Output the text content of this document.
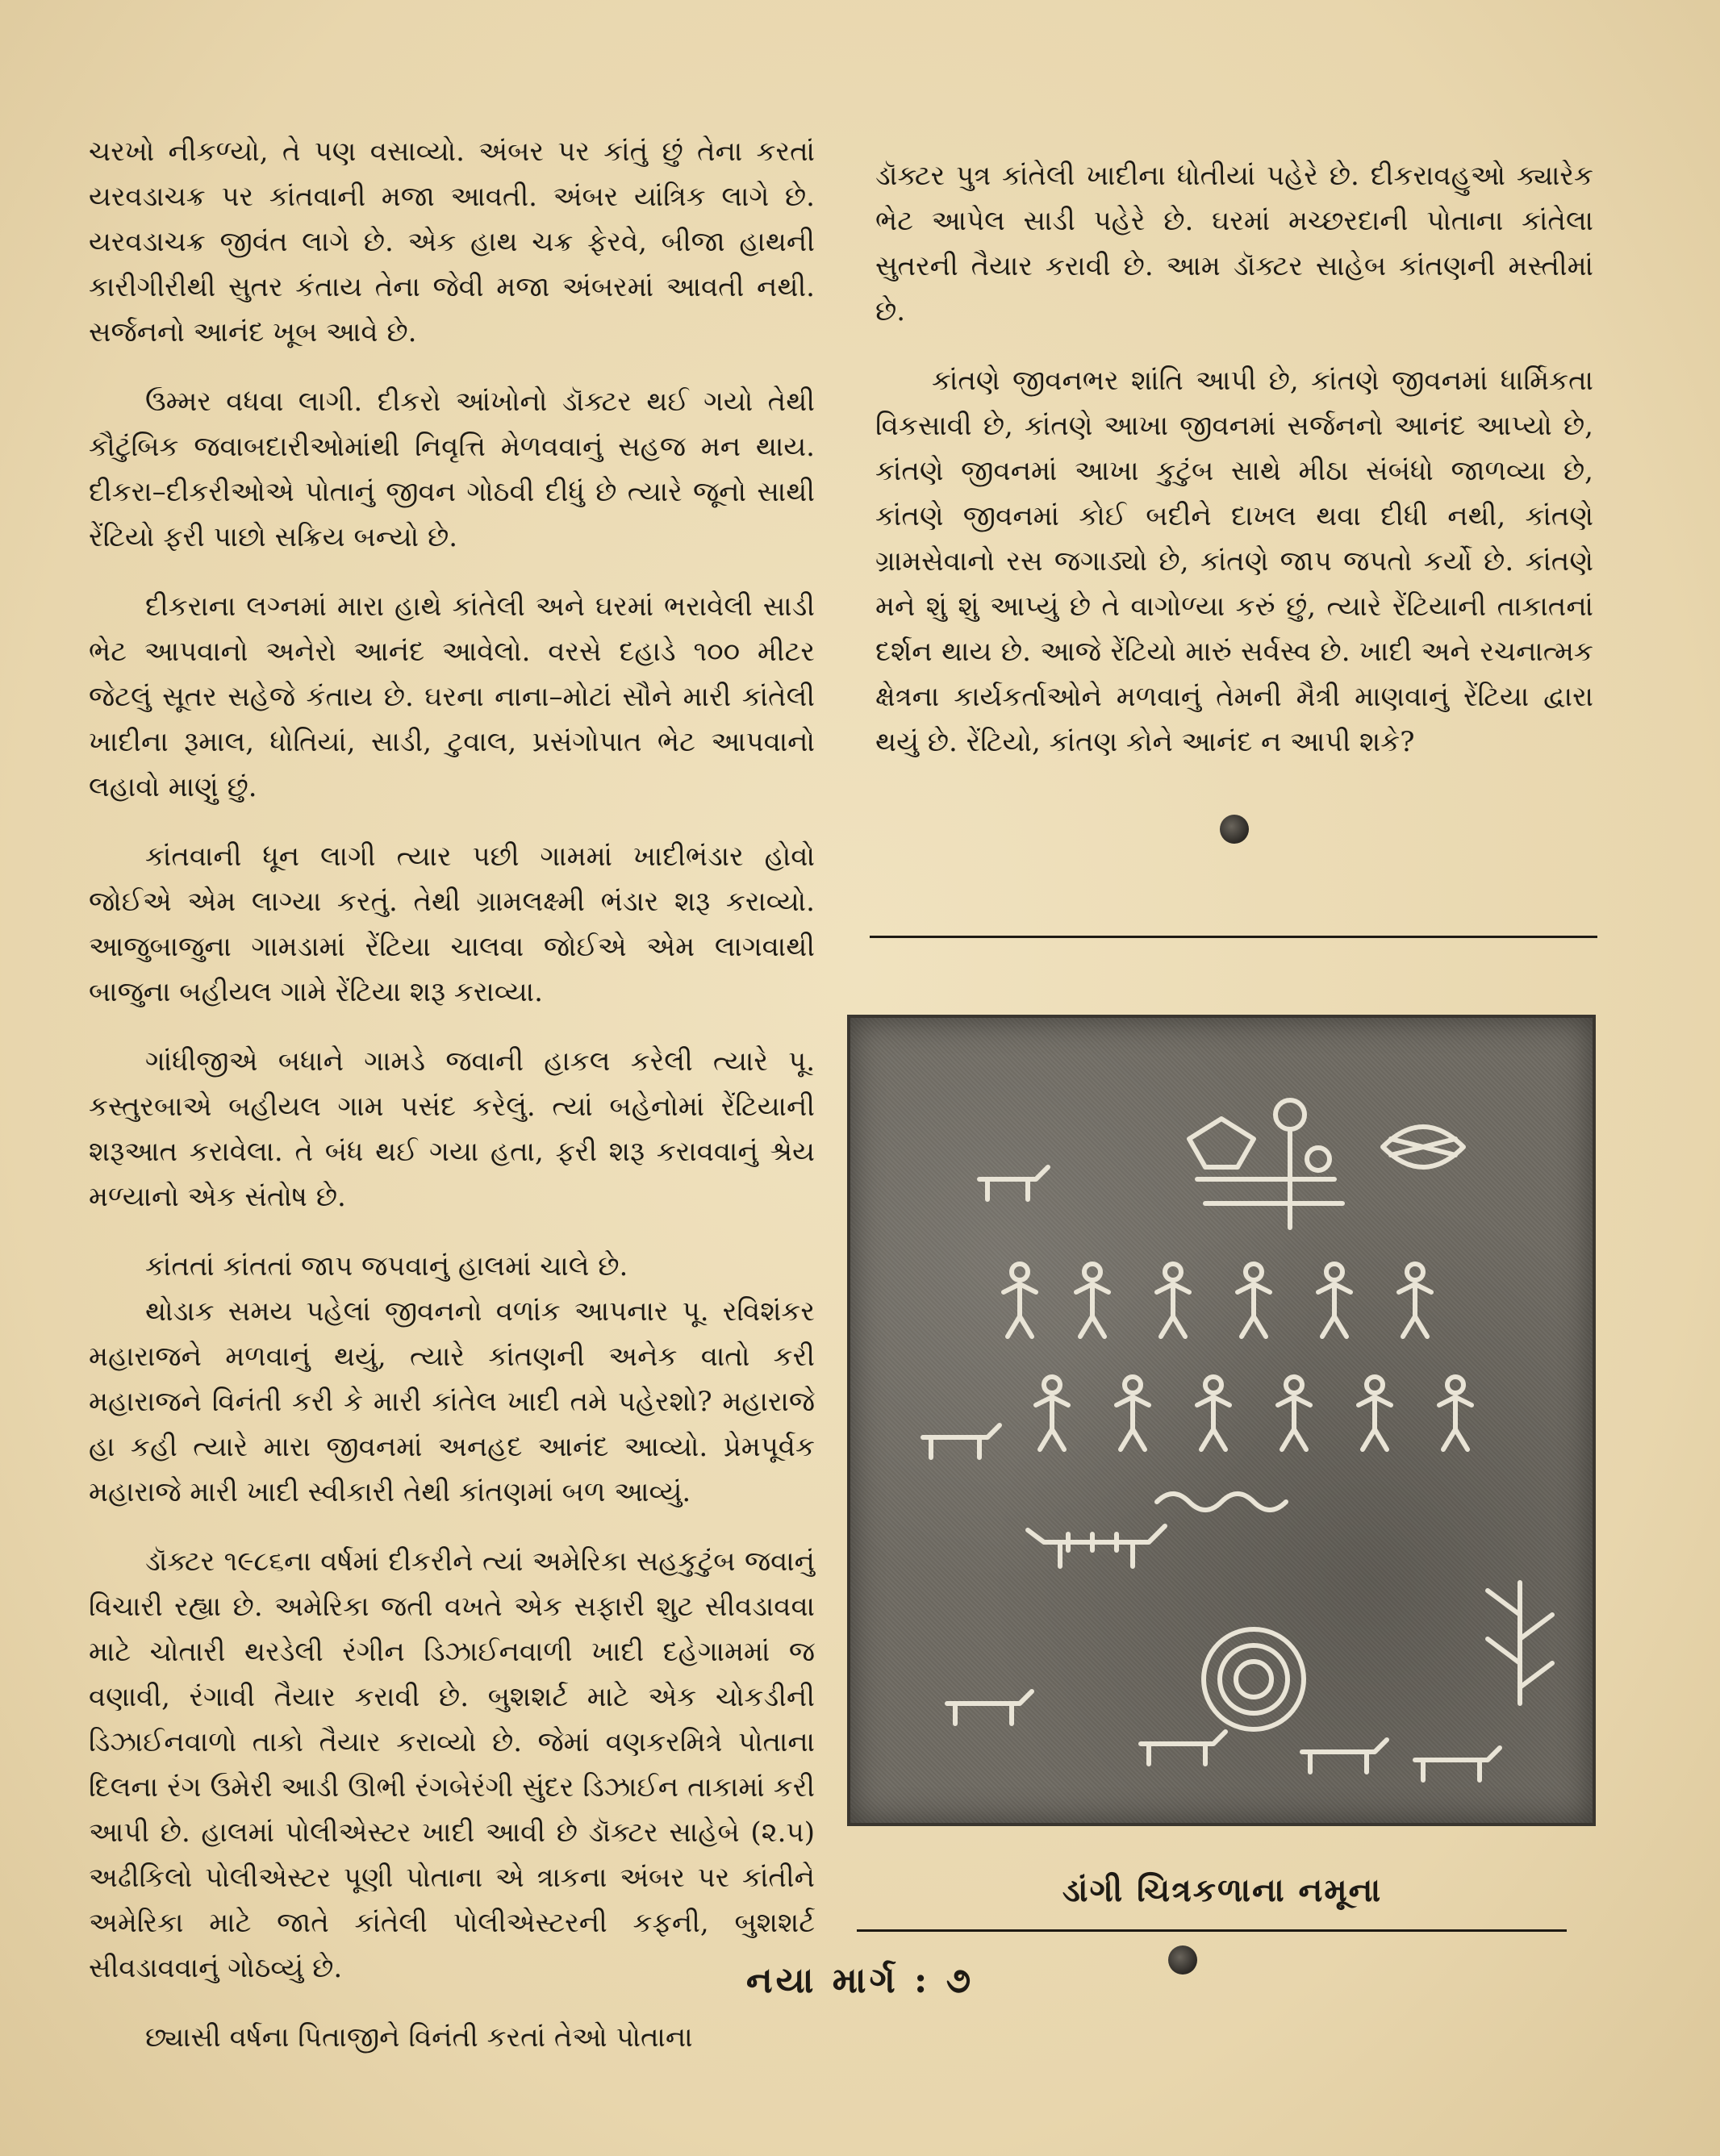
ચરખો નીકળ્યો, તે પણ વસાવ્યો. અંબર પર કાંતું છું તેના કરતાં યરવડાચક્ર પર કાંતવાની મજા આવતી. અંબર યાંત્રિક લાગે છે. યરવડાચક્ર જીવંત લાગે છે. એક હાથ ચક્ર ફેરવે, બીજા હાથની કારીગીરીથી સુતર કંતાય તેના જેવી મજા અંબરમાં આવતી નથી. સર્જનનો આનંદ ખૂબ આવે છે.

ઉમ્મર વધવા લાગી. દીકરો આંખોનો ડૉક્ટર થઈ ગયો તેથી કૌટુંબિક જવાબદારીઓમાંથી નિવૃત્તિ મેળવવાનું સહજ મન થાય. દીકરા–દીકરીઓએ પોતાનું જીવન ગોઠવી દીધું છે ત્યારે જૂનો સાથી રેંટિયો ફરી પાછો સક્રિય બન્યો છે.

દીકરાના લગ્નમાં મારા હાથે કાંતેલી અને ઘરમાં ભરાવેલી સાડી ભેટ આપવાનો અનેરો આનંદ આવેલો. વરસે દહાડે ૧૦૦ મીટર જેટલું સૂતર સહેજે કંતાય છે. ઘરના નાના–મોટાં સૌને મારી કાંતેલી ખાદીના રૂમાલ, ધોતિયાં, સાડી, ટુવાલ, પ્રસંગોપાત ભેટ આપવાનો લહાવો માણું છું.

કાંતવાની ધૂન લાગી ત્યાર પછી ગામમાં ખાદીભંડાર હોવો જોઈએ એમ લાગ્યા કરતું. તેથી ગ્રામલક્ષ્મી ભંડાર શરૂ કરાવ્યો. આજુબાજુના ગામડામાં રેંટિયા ચાલવા જોઈએ એમ લાગવાથી બાજુના બહીયલ ગામે રેંટિયા શરૂ કરાવ્યા.

ગાંધીજીએ બધાને ગામડે જવાની હાકલ કરેલી ત્યારે પૂ. કસ્તુરબાએ બહીયલ ગામ પસંદ કરેલું. ત્યાં બહેનોમાં રેંટિયાની શરૂઆત કરાવેલા. તે બંધ થઈ ગયા હતા, ફરી શરૂ કરાવવાનું શ્રેય મળ્યાનો એક સંતોષ છે.

કાંતતાં કાંતતાં જાપ જપવાનું હાલમાં ચાલે છે.

થોડાક સમય પહેલાં જીવનનો વળાંક આપનાર પૂ. રવિશંકર મહારાજને મળવાનું થયું, ત્યારે કાંતણની અનેક વાતો કરી મહારાજને વિનંતી કરી કે મારી કાંતેલ ખાદી તમે પહેરશો? મહારાજે હા કહી ત્યારે મારા જીવનમાં અનહદ આનંદ આવ્યો. પ્રેમપૂર્વક મહારાજે મારી ખાદી સ્વીકારી તેથી કાંતણમાં બળ આવ્યું.

ડૉક્ટર ૧૯૮૬ના વર્ષમાં દીકરીને ત્યાં અમેરિકા સહકુટુંબ જવાનું વિચારી રહ્યા છે. અમેરિકા જતી વખતે એક સફારી શુટ સીવડાવવા માટે ચોતારી થરડેલી રંગીન ડિઝાઈનવાળી ખાદી દહેગામમાં જ વણાવી, રંગાવી તૈયાર કરાવી છે. બુશશર્ટ માટે એક ચોકડીની ડિઝાઈનવાળો તાકો તૈયાર કરાવ્યો છે. જેમાં વણકરમિત્રે પોતાના દિલના રંગ ઉમેરી આડી ઊભી રંગબેરંગી સુંદર ડિઝાઈન તાકામાં કરી આપી છે. હાલમાં પોલીએસ્ટર ખાદી આવી છે ડૉક્ટર સાહેબે (૨.૫) અઢીકિલો પોલીએસ્ટર પૂણી પોતાના એ ત્રાકના અંબર પર કાંતીને અમેરિકા માટે જાતે કાંતેલી પોલીએસ્ટરની કફની, બુશશર્ટ સીવડાવવાનું ગોઠવ્યું છે.

છ્યાસી વર્ષના પિતાજીને વિનંતી કરતાં તેઓ પોતાના

ડૉક્ટર પુત્ર કાંતેલી ખાદીના ધોતીયાં પહેરે છે. દીકરાવહુઓ ક્યારેક ભેટ આપેલ સાડી પહેરે છે. ઘરમાં મચ્છરદાની પોતાના કાંતેલા સુતરની તૈયાર કરાવી છે. આમ ડૉક્ટર સાહેબ કાંતણની મસ્તીમાં છે.

કાંતણે જીવનભર શાંતિ આપી છે, કાંતણે જીવનમાં ધાર્મિકતા વિકસાવી છે, કાંતણે આખા જીવનમાં સર્જનનો આનંદ આપ્યો છે, કાંતણે જીવનમાં આખા કુટુંબ સાથે મીઠા સંબંધો જાળવ્યા છે, કાંતણે જીવનમાં કોઈ બદીને દાખલ થવા દીધી નથી, કાંતણે ગ્રામસેવાનો રસ જગાડ્યો છે, કાંતણે જાપ જપતો કર્યો છે. કાંતણે મને શું શું આપ્યું છે તે વાગોળ્યા કરું છું, ત્યારે રેંટિયાની તાકાતનાં દર્શન થાય છે. આજે રેંટિયો મારું સર્વસ્વ છે. ખાદી અને રચનાત્મક ક્ષેત્રના કાર્યકર્તાઓને મળવાનું તેમની મૈત્રી માણવાનું રેંટિયા દ્વારા થયું છે. રેંટિયો, કાંતણ કોને આનંદ ન આપી શકે?

ડાંગી ચિત્રકળાના નમૂના
નયા માર્ગ : ૭
